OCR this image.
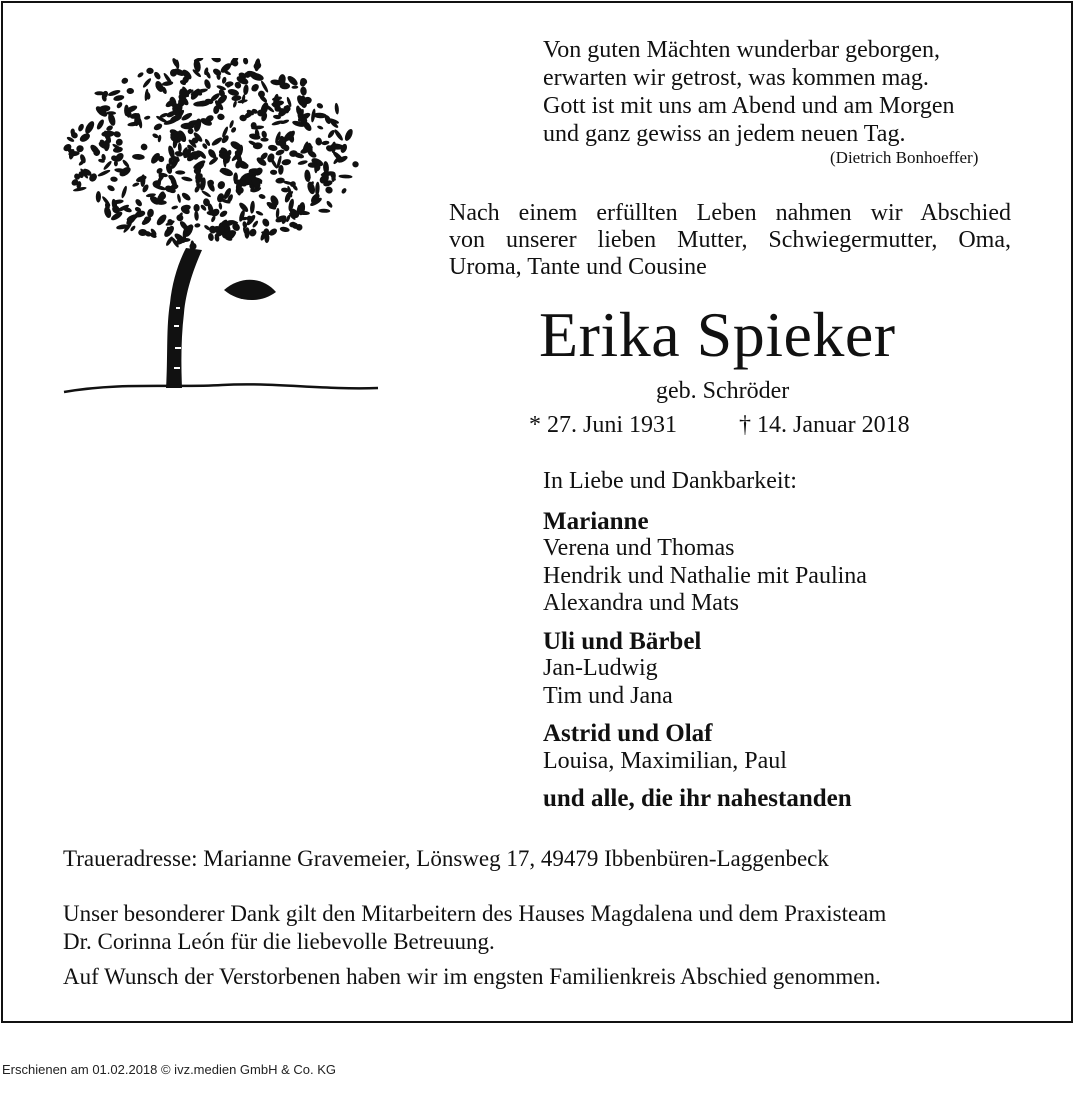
Von guten Mächten wunderbar geborgen,
erwarten wir getrost, was kommen mag.
Gott ist mit uns am Abend und am Morgen
und ganz gewiss an jedem neuen Tag.
(Dietrich Bonhoeffer)
Nach einem erfüllten Leben nahmen wir Abschied
von unserer lieben Mutter, Schwiegermutter, Oma,
Uroma, Tante und Cousine
Erika Spieker
geb. Schröder
* 27. Juni 1931	† 14. Januar 2018
In Liebe und Dankbarkeit:
Marianne
Verena und Thomas
Hendrik und Nathalie mit Paulina
Alexandra und Mats
Uli und Bärbel
Jan-Ludwig
Tim und Jana
Astrid und Olaf
Louisa, Maximilian, Paul
und alle, die ihr nahestanden
Traueradresse: Marianne Gravemeier, Lönsweg 17, 49479 Ibbenbüren-Laggenbeck
Unser besonderer Dank gilt den Mitarbeitern des Hauses Magdalena und dem Praxisteam
Dr. Corinna León für die liebevolle Betreuung.
Auf Wunsch der Verstorbenen haben wir im engsten Familienkreis Abschied genommen.
Erschienen am 01.02.2018 © ivz.medien GmbH & Co. KG
